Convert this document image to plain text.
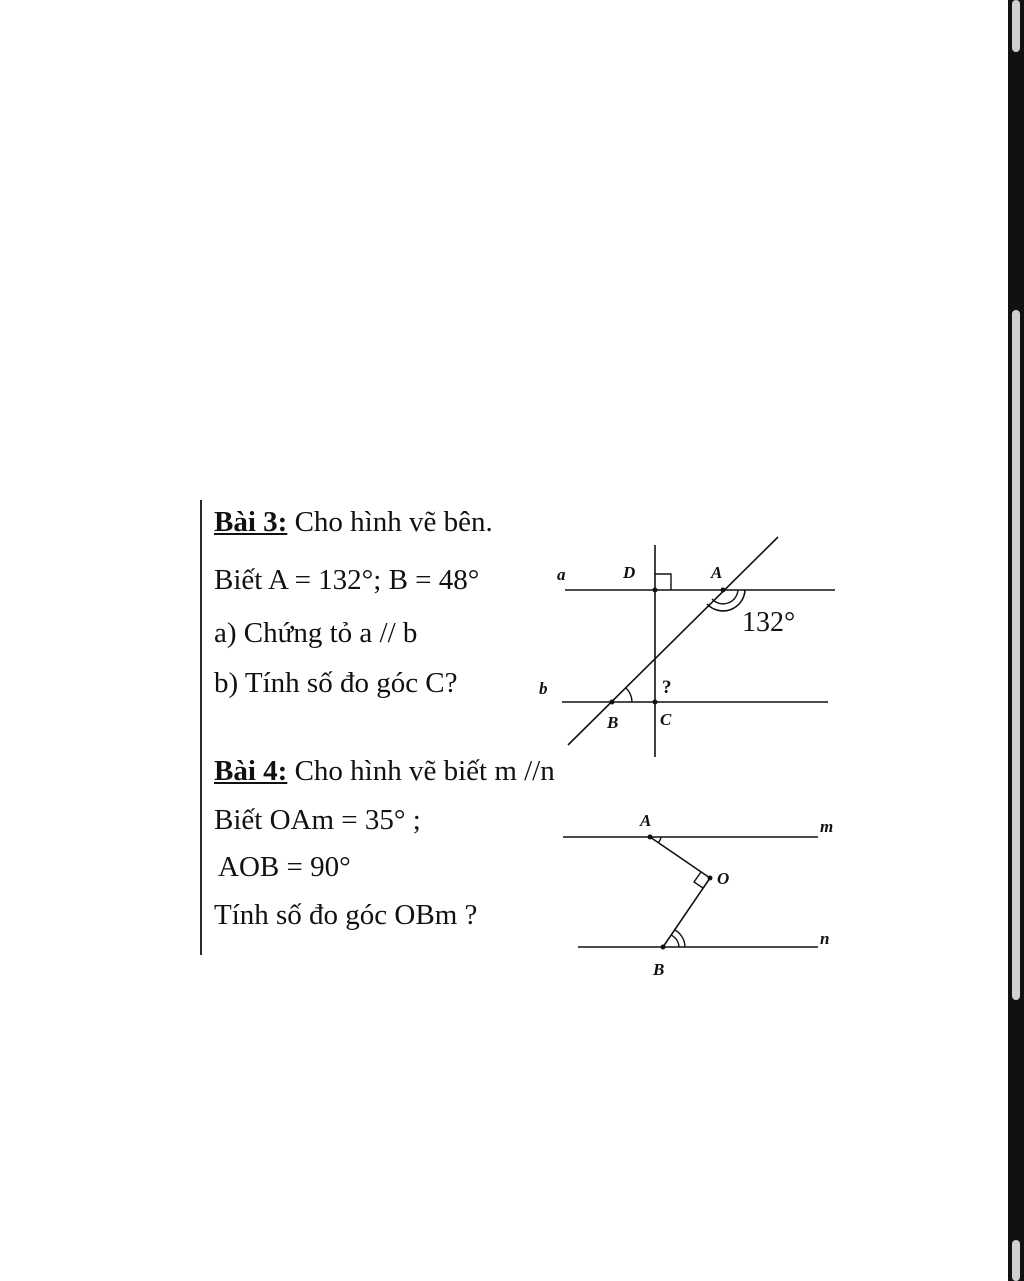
Bài 3: Cho hình vẽ bên.
Biết A = 132°; B = 48°
a) Chứng tỏ a // b
b) Tính số đo góc C?
Bài 4: Cho hình vẽ biết m //n
Biết OAm = 35° ;
AOB = 90°
Tính số đo góc OBm ?
a
b
D	A
B C
132°
?
A
O
B
m
n
